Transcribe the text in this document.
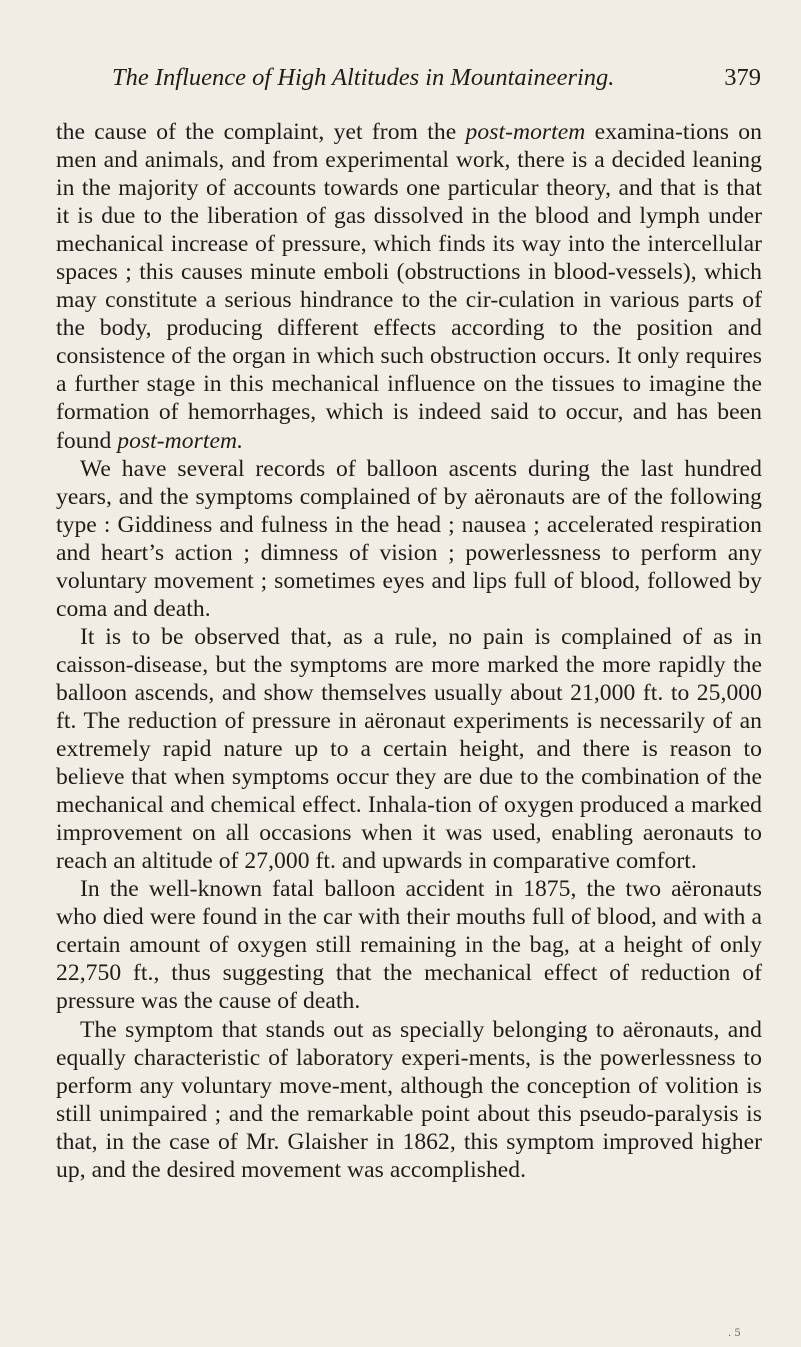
The Influence of High Altitudes in Mountaineering.	379

the cause of the complaint, yet from the post-mortem examina-tions on men and animals, and from experimental work, there is a decided leaning in the majority of accounts towards one particular theory, and that is that it is due to the liberation of gas dissolved in the blood and lymph under mechanical increase of pressure, which finds its way into the intercellular spaces ; this causes minute emboli (obstructions in blood-vessels), which may constitute a serious hindrance to the cir-culation in various parts of the body, producing different effects according to the position and consistence of the organ in which such obstruction occurs. It only requires a further stage in this mechanical influence on the tissues to imagine the formation of hemorrhages, which is indeed said to occur, and has been found post-mortem.

We have several records of balloon ascents during the last hundred years, and the symptoms complained of by aëronauts are of the following type : Giddiness and fulness in the head ; nausea ; accelerated respiration and heart’s action ; dimness of vision ; powerlessness to perform any voluntary movement ; sometimes eyes and lips full of blood, followed by coma and death.

It is to be observed that, as a rule, no pain is complained of as in caisson-disease, but the symptoms are more marked the more rapidly the balloon ascends, and show themselves usually about 21,000 ft. to 25,000 ft. The reduction of pressure in aëronaut experiments is necessarily of an extremely rapid nature up to a certain height, and there is reason to believe that when symptoms occur they are due to the combination of the mechanical and chemical effect. Inhala-tion of oxygen produced a marked improvement on all occasions when it was used, enabling aeronauts to reach an altitude of 27,000 ft. and upwards in comparative comfort.

In the well-known fatal balloon accident in 1875, the two aëronauts who died were found in the car with their mouths full of blood, and with a certain amount of oxygen still remaining in the bag, at a height of only 22,750 ft., thus suggesting that the mechanical effect of reduction of pressure was the cause of death.

The symptom that stands out as specially belonging to aëronauts, and equally characteristic of laboratory experi-ments, is the powerlessness to perform any voluntary move-ment, although the conception of volition is still unimpaired ; and the remarkable point about this pseudo-paralysis is that, in the case of Mr. Glaisher in 1862, this symptom improved higher up, and the desired movement was accomplished.

. 5
